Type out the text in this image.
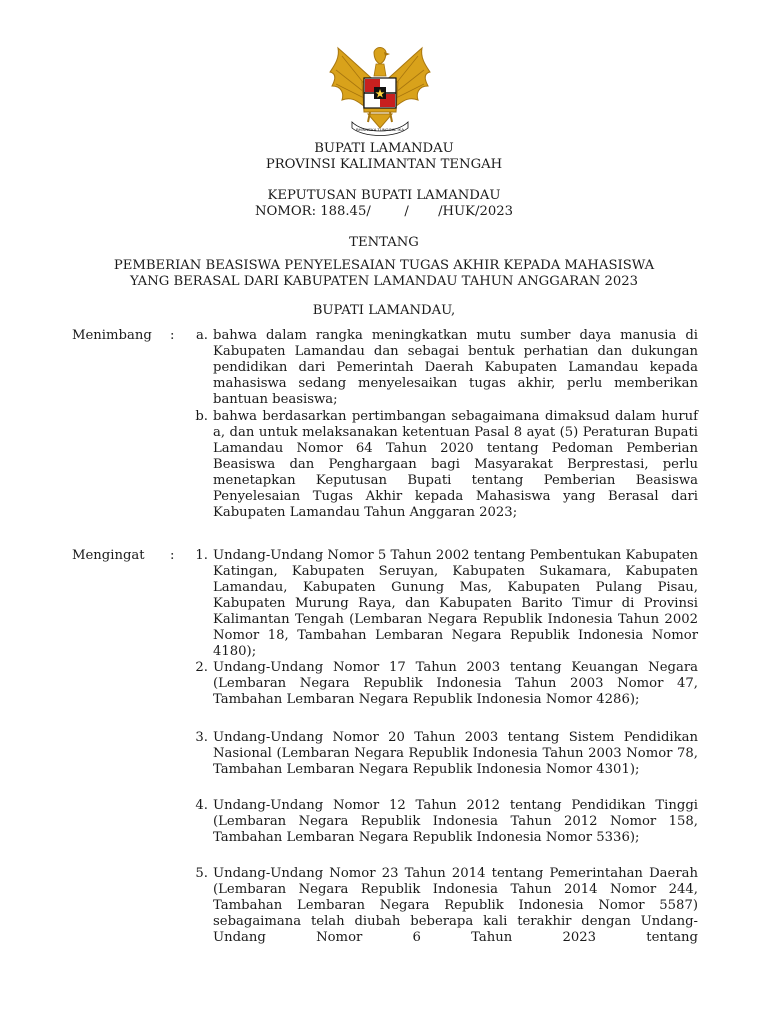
BHINNEKA TUNGGAL IKA
BUPATI LAMANDAU
PROVINSI KALIMANTAN TENGAH
KEPUTUSAN BUPATI LAMANDAU
NOMOR: 188.45/        /       /HUK/2023
TENTANG
PEMBERIAN BEASISWA PENYELESAIAN TUGAS AKHIR KEPADA MAHASISWA
YANG BERASAL DARI KABUPATEN LAMANDAU TAHUN ANGGARAN 2023
BUPATI LAMANDAU,
Menimbang :	a. bahwa dalam rangka meningkatkan mutu sumber daya manusia di Kabupaten Lamandau dan sebagai bentuk perhatian dan dukungan pendidikan dari Pemerintah Daerah Kabupaten Lamandau kepada mahasiswa sedang menyelesaikan tugas akhir, perlu memberikan bantuan beasiswa;
b. bahwa berdasarkan pertimbangan sebagaimana dimaksud dalam huruf a, dan untuk melaksanakan ketentuan Pasal 8 ayat (5) Peraturan Bupati Lamandau Nomor 64 Tahun 2020 tentang Pedoman Pemberian Beasiswa dan Penghargaan bagi Masyarakat Berprestasi, perlu menetapkan Keputusan Bupati tentang Pemberian Beasiswa Penyelesaian Tugas Akhir kepada Mahasiswa yang Berasal dari Kabupaten Lamandau Tahun Anggaran 2023;
Mengingat :	1. Undang-Undang Nomor 5 Tahun 2002 tentang Pembentukan Kabupaten Katingan, Kabupaten Seruyan, Kabupaten Sukamara, Kabupaten Lamandau, Kabupaten Gunung Mas, Kabupaten Pulang Pisau, Kabupaten Murung Raya, dan Kabupaten Barito Timur di Provinsi Kalimantan Tengah (Lembaran Negara Republik Indonesia Tahun 2002 Nomor 18, Tambahan Lembaran Negara Republik Indonesia Nomor 4180);
2. Undang-Undang Nomor 17 Tahun 2003 tentang Keuangan Negara (Lembaran Negara Republik Indonesia Tahun 2003 Nomor 47, Tambahan Lembaran Negara Republik Indonesia Nomor 4286);
3. Undang-Undang Nomor 20 Tahun 2003 tentang Sistem Pendidikan Nasional (Lembaran Negara Republik Indonesia Tahun 2003 Nomor 78, Tambahan Lembaran Negara Republik Indonesia Nomor 4301);
4. Undang-Undang Nomor 12 Tahun 2012 tentang Pendidikan Tinggi (Lembaran Negara Republik Indonesia Tahun 2012 Nomor 158, Tambahan Lembaran Negara Republik Indonesia Nomor 5336);
5. Undang-Undang Nomor 23 Tahun 2014 tentang Pemerintahan Daerah (Lembaran Negara Republik Indonesia Tahun 2014 Nomor 244, Tambahan Lembaran Negara Republik Indonesia Nomor 5587) sebagaimana telah diubah beberapa kali terakhir dengan Undang-Undang Nomor 6 Tahun 2023 tentang
